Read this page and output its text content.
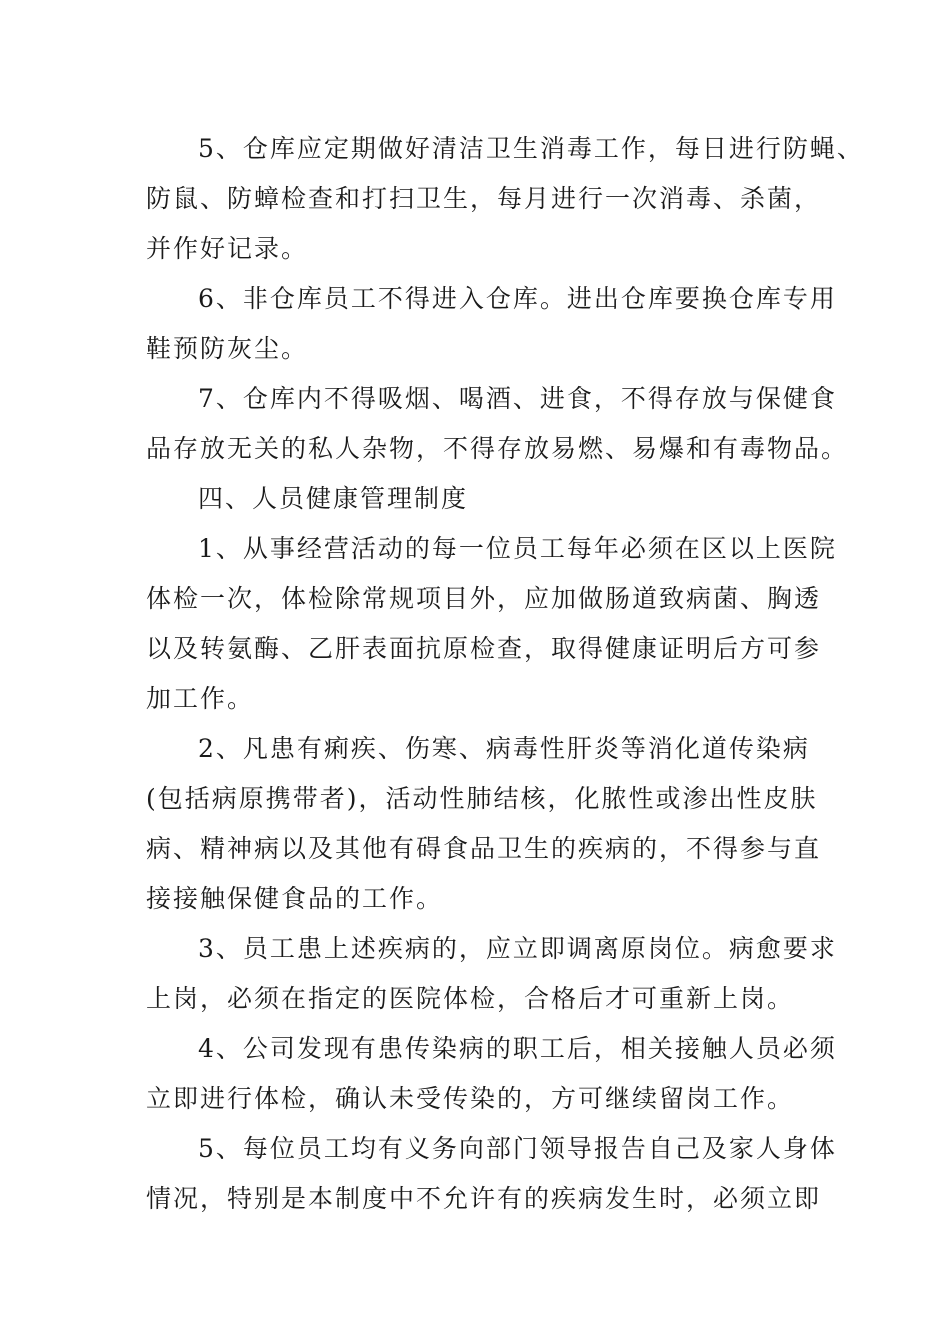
5、仓库应定期做好清洁卫生消毒工作，每日进行防蝇、
防鼠、防蟑检查和打扫卫生，每月进行一次消毒、杀菌，
并作好记录。
6、非仓库员工不得进入仓库。进出仓库要换仓库专用
鞋预防灰尘。
7、仓库内不得吸烟、喝酒、进食，不得存放与保健食
品存放无关的私人杂物，不得存放易燃、易爆和有毒物品。
四、人员健康管理制度
1、从事经营活动的每一位员工每年必须在区以上医院
体检一次，体检除常规项目外，应加做肠道致病菌、胸透
以及转氨酶、乙肝表面抗原检查，取得健康证明后方可参
加工作。
2、凡患有痢疾、伤寒、病毒性肝炎等消化道传染病
(包括病原携带者)，活动性肺结核，化脓性或渗出性皮肤
病、精神病以及其他有碍食品卫生的疾病的，不得参与直
接接触保健食品的工作。
3、员工患上述疾病的，应立即调离原岗位。病愈要求
上岗，必须在指定的医院体检，合格后才可重新上岗。
4、公司发现有患传染病的职工后，相关接触人员必须
立即进行体检，确认未受传染的，方可继续留岗工作。
5、每位员工均有义务向部门领导报告自己及家人身体
情况，特别是本制度中不允许有的疾病发生时，必须立即
